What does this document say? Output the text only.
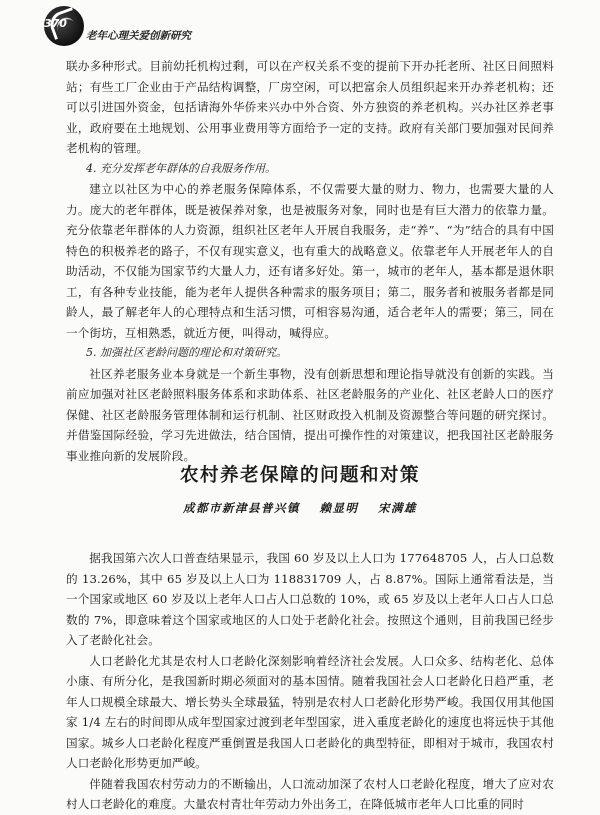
370
老年心理关爱创新研究

联办多种形式。目前幼托机构过剩，可以在产权关系不变的提前下开办托老所、社区日间照料站；有些工厂企业由于产品结构调整，厂房空闲，可以把富余人员组织起来开办养老机构；还可以引进国外资金，包括请海外华侨来兴办中外合资、外方独资的养老机构。兴办社区养老事业，政府要在土地规划、公用事业费用等方面给予一定的支持。政府有关部门要加强对民间养老机构的管理。

4. 充分发挥老年群体的自我服务作用。

建立以社区为中心的养老服务保障体系，不仅需要大量的财力、物力，也需要大量的人力。庞大的老年群体，既是被保养对象，也是被服务对象，同时也是有巨大潜力的依靠力量。充分依靠老年群体的人力资源，组织社区老年人开展自我服务，走“养”、“为”结合的具有中国特色的积极养老的路子，不仅有现实意义，也有重大的战略意义。依靠老年人开展老年人的自助活动，不仅能为国家节约大量人力，还有诸多好处。第一，城市的老年人，基本都是退休职工，有各种专业技能，能为老年人提供各种需求的服务项目；第二，服务者和被服务者都是同龄人，最了解老年人的心理特点和生活习惯，可相容易沟通，适合老年人的需要；第三，同在一个街坊，互相熟悉，就近方便，叫得动，喊得应。

5. 加强社区老龄问题的理论和对策研究。

社区养老服务业本身就是一个新生事物，没有创新思想和理论指导就没有创新的实践。当前应加强对社区老龄照料服务体系和求助体系、社区老龄服务的产业化、社区老龄人口的医疗保健、社区老龄服务管理体制和运行机制、社区财政投入机制及资源整合等问题的研究探讨。并借鉴国际经验，学习先进做法，结合国情，提出可操作性的对策建议，把我国社区老龄服务事业推向新的发展阶段。

农村养老保障的问题和对策
成都市新津县普兴镇 赖显明 宋满雄

据我国第六次人口普查结果显示，我国 60 岁及以上人口为 177648705 人，占人口总数的 13.26%，其中 65 岁及以上人口为 118831709 人，占 8.87%。国际上通常看法是，当一个国家或地区 60 岁及以上老年人口占人口总数的 10%，或 65 岁及以上老年人口占人口总数的 7%，即意味着这个国家或地区的人口处于老龄化社会。按照这个通则，目前我国已经步入了老龄化社会。

人口老龄化尤其是农村人口老龄化深刻影响着经济社会发展。人口众多、结构老化、总体小康、有所分化，是我国新时期必须面对的基本国情。随着我国社会人口老龄化日趋严重，老年人口规模全球最大、增长势头全球最猛，特别是农村人口老龄化形势严峻。我国仅用其他国家 1/4 左右的时间即从成年型国家过渡到老年型国家，进入重度老龄化的速度也将远快于其他国家。城乡人口老龄化程度严重倒置是我国人口老龄化的典型特征，即相对于城市，我国农村人口老龄化形势更加严峻。

伴随着我国农村劳动力的不断输出，人口流动加深了农村人口老龄化程度，增大了应对农村人口老龄化的难度。大量农村青壮年劳动力外出务工，在降低城市老年人口比重的同时
